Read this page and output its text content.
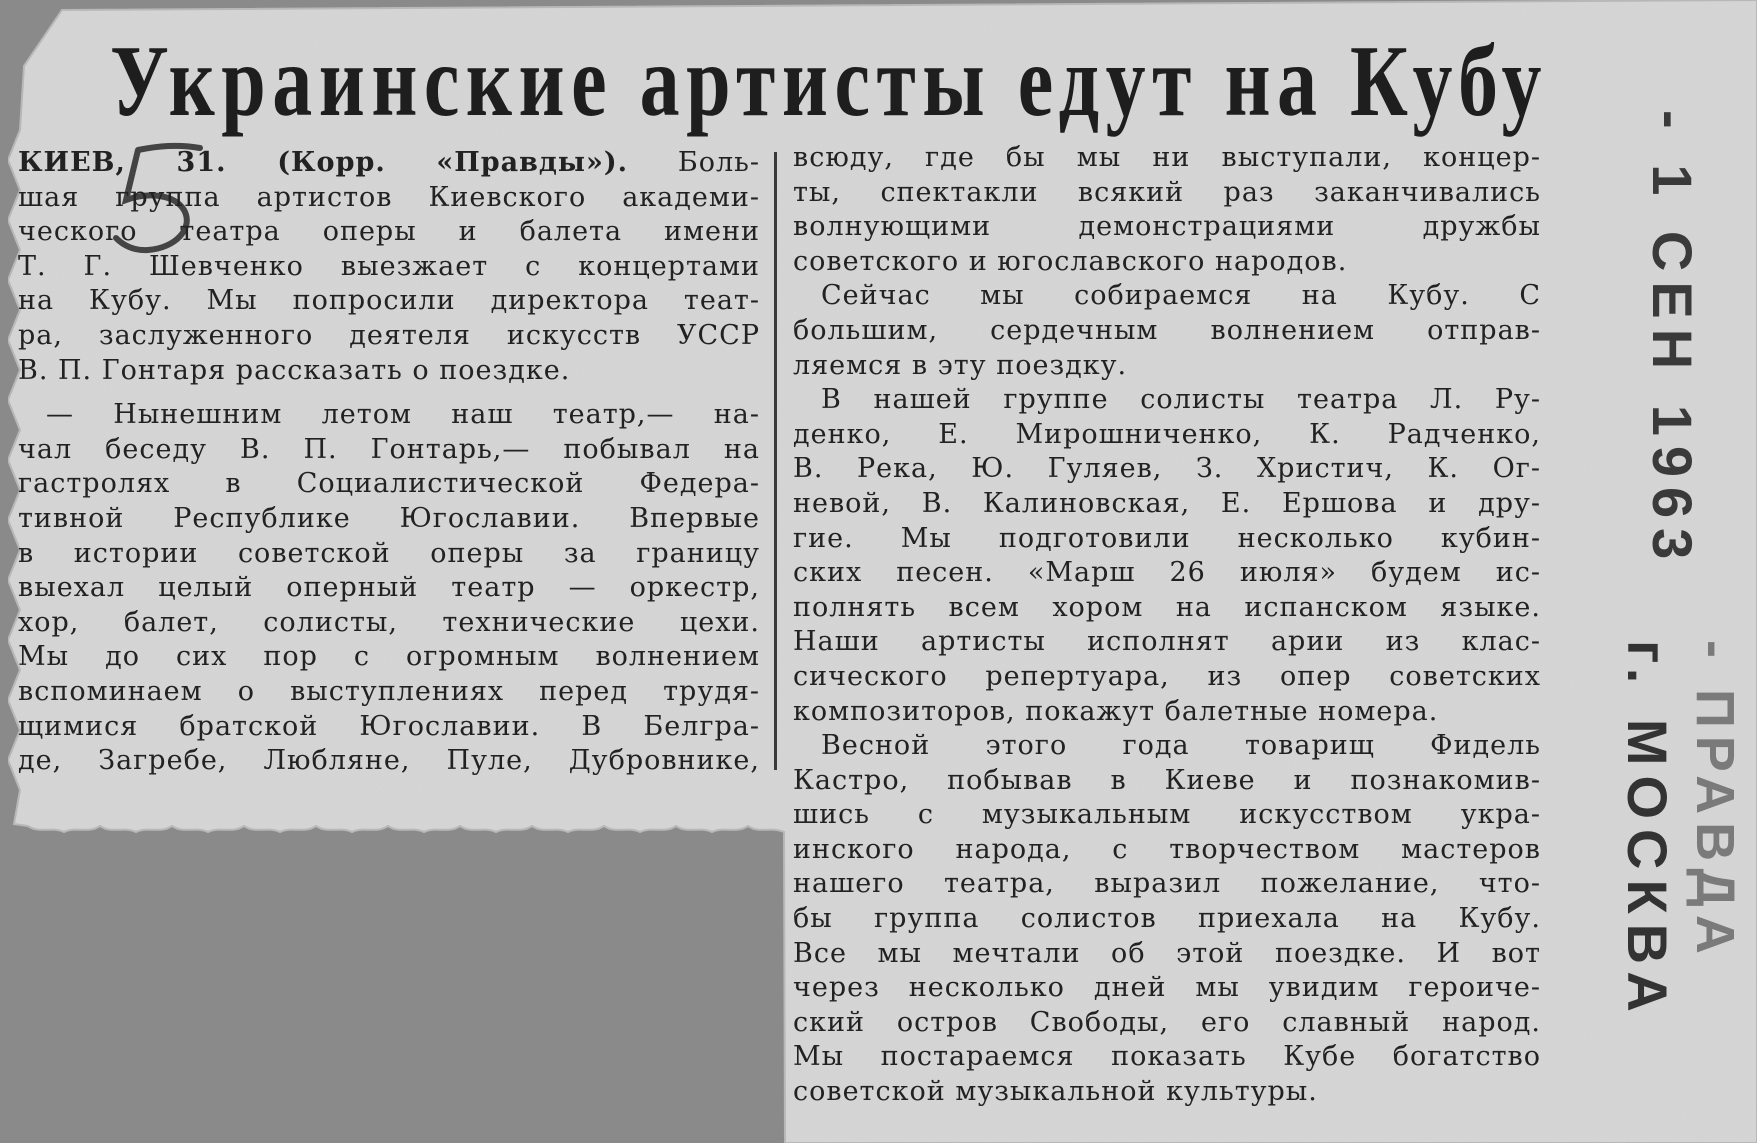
Украинские артисты едут на Кубу

КИЕВ, 31. (Корр. «Правды»). Боль-

шая группа артистов Киевского академи-

ческого театра оперы и балета имени

Т. Г. Шевченко выезжает с концертами

на Кубу. Мы попросили директора теат-

ра, заслуженного деятеля искусств УССР

В. П. Гонтаря рассказать о поездке.

 — Нынешним летом наш театр,— на-

чал беседу В. П. Гонтарь,— побывал на

гастролях в Социалистической Федера-

тивной Республике Югославии. Впервые

в истории советской оперы за границу

выехал целый оперный театр — оркестр,

хор, балет, солисты, технические цехи.

Мы до сих пор с огромным волнением

вспоминаем о выступлениях перед трудя-

щимися братской Югославии. В Белгра-

де, Загребе, Любляне, Пуле, Дубровнике,

всюду, где бы мы ни выступали, концер-

ты, спектакли всякий раз заканчивались

волнующими демонстрациями дружбы

советского и югославского народов.

 Сейчас мы собираемся на Кубу. С

большим, сердечным волнением отправ-

ляемся в эту поездку.

 В нашей группе солисты театра Л. Ру-

денко, Е. Мирошниченко, К. Радченко,

В. Река, Ю. Гуляев, З. Христич, К. Ог-

невой, В. Калиновская, Е. Ершова и дру-

гие. Мы подготовили несколько кубин-

ских песен. «Марш 26 июля» будем ис-

полнять всем хором на испанском языке.

Наши артисты исполнят арии из клас-

сического репертуара, из опер советских

композиторов, покажут балетные номера.

 Весной этого года товарищ Фидель

Кастро, побывав в Киеве и познакомив-

шись с музыкальным искусством укра-

инского народа, с творчеством мастеров

нашего театра, выразил пожелание, что-

бы группа солистов приехала на Кубу.

Все мы мечтали об этой поездке. И вот

через несколько дней мы увидим героиче-

ский остров Свободы, его славный народ.

Мы постараемся показать Кубе богатство

советской музыкальной культуры.

- 1 СЕН 1963
- ПРАВДА
г. МОСКВА
